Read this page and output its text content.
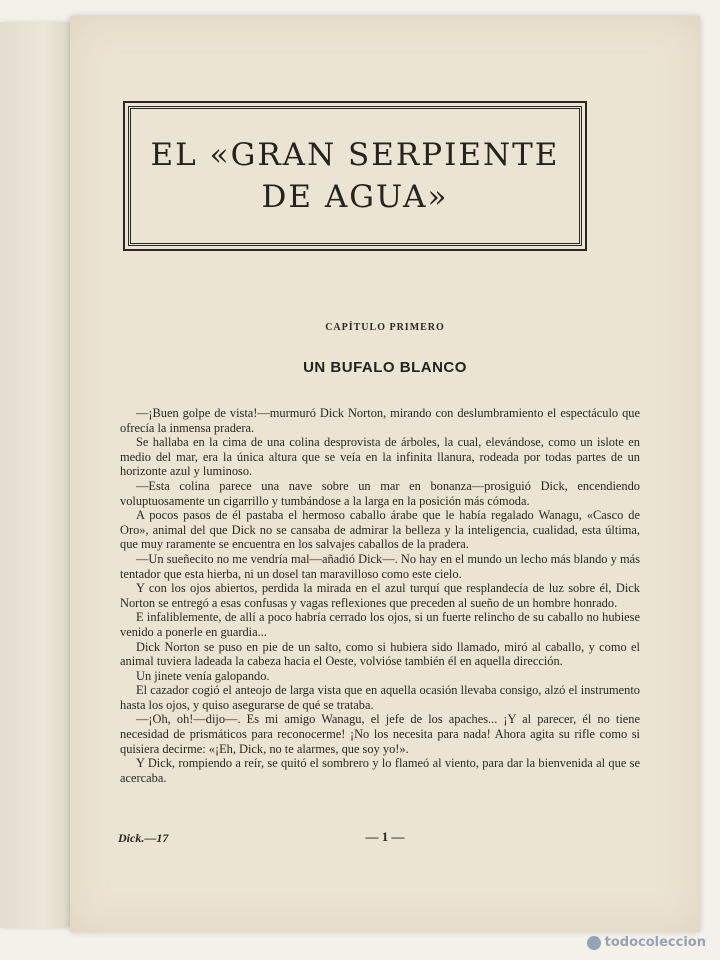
EL «GRAN SERPIENTE
DE AGUA»
CAPÍTULO PRIMERO
UN BUFALO BLANCO

—¡Buen golpe de vista!—murmuró Dick Norton, mirando con deslumbramiento el espectáculo que ofrecía la inmensa pradera.

Se hallaba en la cima de una colina desprovista de árboles, la cual, elevándose, como un islote en medio del mar, era la única altura que se veía en la infinita llanura, rodeada por todas partes de un horizonte azul y luminoso.

—Esta colina parece una nave sobre un mar en bonanza—prosiguió Dick, encendiendo voluptuosamente un cigarrillo y tumbándose a la larga en la posición más cómoda.

A pocos pasos de él pastaba el hermoso caballo árabe que le había regalado Wanagu, «Casco de Oro», animal del que Dick no se cansaba de admirar la belleza y la inteligencia, cualidad, esta última, que muy raramente se encuentra en los salvajes caballos de la pradera.

—Un sueñecito no me vendría mal—añadió Dick—. No hay en el mundo un lecho más blando y más tentador que esta hierba, ni un dosel tan maravilloso como este cielo.

Y con los ojos abiertos, perdida la mirada en el azul turquí que resplandecía de luz sobre él, Dick Norton se entregó a esas confusas y vagas reflexiones que preceden al sueño de un hombre honrado.

E infaliblemente, de allí a poco habría cerrado los ojos, si un fuerte relincho de su caballo no hubiese venido a ponerle en guardia...

Dick Norton se puso en pie de un salto, como si hubiera sido llamado, miró al caballo, y como el animal tuviera ladeada la cabeza hacia el Oeste, volvióse también él en aquella dirección.

Un jinete venía galopando.

El cazador cogió el anteojo de larga vista que en aquella ocasión llevaba consigo, alzó el instrumento hasta los ojos, y quiso asegurarse de qué se trataba.

—¡Oh, oh!—dijo—. Es mi amigo Wanagu, el jefe de los apaches... ¡Y al parecer, él no tiene necesidad de prismáticos para reconocerme! ¡No los necesita para nada! Ahora agita su rifle como si quisiera decirme: «¡Eh, Dick, no te alarmes, que soy yo!».

Y Dick, rompiendo a reír, se quitó el sombrero y lo flameó al viento, para dar la bienvenida al que se acercaba.

Dick.—17	— 1 —
todocoleccion
